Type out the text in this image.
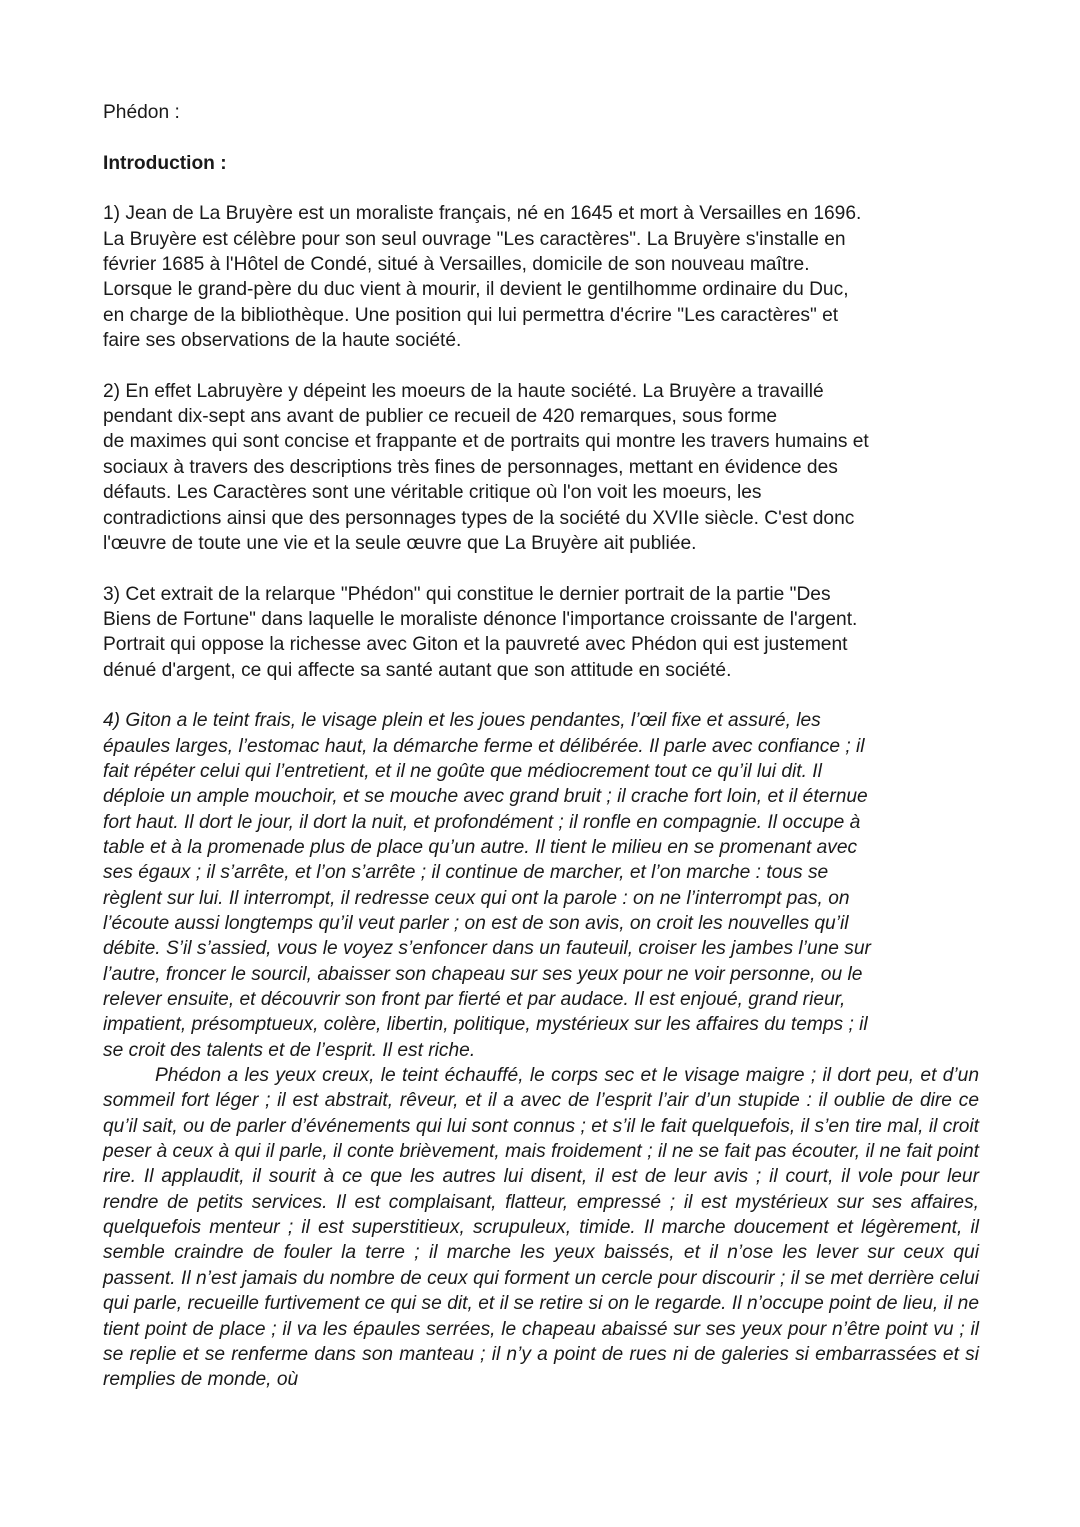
Phédon :

Introduction :

1) Jean de La Bruyère est un moraliste français, né en 1645 et mort à Versailles en 1696.
La Bruyère est célèbre pour son seul ouvrage "Les caractères". La Bruyère s'installe en
février 1685 à l'Hôtel de Condé, situé à Versailles, domicile de son nouveau maître.
Lorsque le grand-père du duc vient à mourir, il devient le gentilhomme ordinaire du Duc,
en charge de la bibliothèque. Une position qui lui permettra d'écrire "Les caractères" et
faire ses observations de la haute société.

2) En effet Labruyère y dépeint les moeurs de la haute société. La Bruyère a travaillé
pendant dix-sept ans avant de publier ce recueil de 420 remarques, sous forme
de maximes qui sont concise et frappante et de portraits qui montre les travers humains et
sociaux à travers des descriptions très fines de personnages, mettant en évidence des
défauts. Les Caractères sont une véritable critique où l'on voit les moeurs, les
contradictions ainsi que des personnages types de la société du XVIIe siècle. C'est donc
l'œuvre de toute une vie et la seule œuvre que La Bruyère ait publiée.

3) Cet extrait de la relarque "Phédon" qui constitue le dernier portrait de la partie "Des
Biens de Fortune" dans laquelle le moraliste dénonce l'importance croissante de l'argent.
Portrait qui oppose la richesse avec Giton et la pauvreté avec Phédon qui est justement
dénué d'argent, ce qui affecte sa santé autant que son attitude en société.

4) Giton a le teint frais, le visage plein et les joues pendantes, l’œil fixe et assuré, les
épaules larges, l’estomac haut, la démarche ferme et délibérée. Il parle avec confiance ; il
fait répéter celui qui l’entretient, et il ne goûte que médiocrement tout ce qu’il lui dit. Il
déploie un ample mouchoir, et se mouche avec grand bruit ; il crache fort loin, et il éternue
fort haut. Il dort le jour, il dort la nuit, et profondément ; il ronfle en compagnie. Il occupe à
table et à la promenade plus de place qu’un autre. Il tient le milieu en se promenant avec
ses égaux ; il s’arrête, et l’on s’arrête ; il continue de marcher, et l’on marche : tous se
règlent sur lui. Il interrompt, il redresse ceux qui ont la parole : on ne l’interrompt pas, on
l’écoute aussi longtemps qu’il veut parler ; on est de son avis, on croit les nouvelles qu’il
débite. S’il s’assied, vous le voyez s’enfoncer dans un fauteuil, croiser les jambes l’une sur
l’autre, froncer le sourcil, abaisser son chapeau sur ses yeux pour ne voir personne, ou le
relever ensuite, et découvrir son front par fierté et par audace. Il est enjoué, grand rieur,
impatient, présomptueux, colère, libertin, politique, mystérieux sur les affaires du temps ; il
se croit des talents et de l’esprit. Il est riche.

Phédon a les yeux creux, le teint échauffé, le corps sec et le visage maigre ; il dort peu, et d’un sommeil fort léger ; il est abstrait, rêveur, et il a avec de l’esprit l’air d’un stupide : il oublie de dire ce qu’il sait, ou de parler d’événements qui lui sont connus ; et s’il le fait quelquefois, il s’en tire mal, il croit peser à ceux à qui il parle, il conte brièvement, mais froidement ; il ne se fait pas écouter, il ne fait point rire. Il applaudit, il sourit à ce que les autres lui disent, il est de leur avis ; il court, il vole pour leur rendre de petits services. Il est complaisant, flatteur, empressé ; il est mystérieux sur ses affaires, quelquefois menteur ; il est superstitieux, scrupuleux, timide. Il marche doucement et légèrement, il semble craindre de fouler la terre ; il marche les yeux baissés, et il n’ose les lever sur ceux qui passent. Il n’est jamais du nombre de ceux qui forment un cercle pour discourir ; il se met derrière celui qui parle, recueille furtivement ce qui se dit, et il se retire si on le regarde. Il n’occupe point de lieu, il ne tient point de place ; il va les épaules serrées, le chapeau abaissé sur ses yeux pour n’être point vu ; il se replie et se renferme dans son manteau ; il n’y a point de rues ni de galeries si embarrassées et si remplies de monde, où
